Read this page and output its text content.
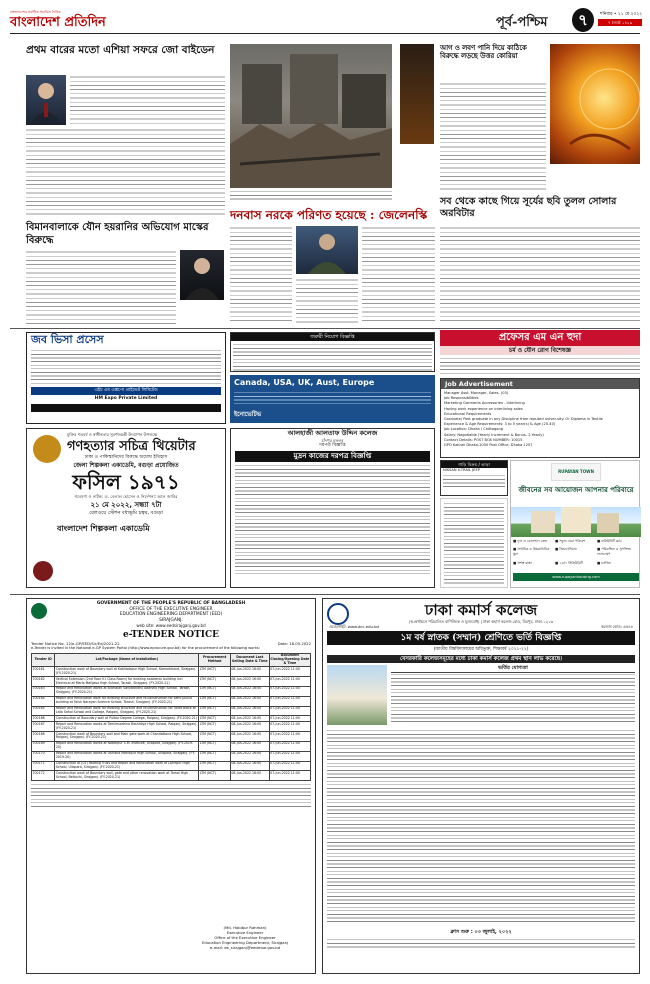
বাংলাদেশের সর্বাধিক প্রচারিত দৈনিক
বাংলাদেশ প্রতিদিন	পূর্ব-পশ্চিম	৭	শনিবার • ২১ মে ২০২২
৭ জ্যৈষ্ঠ ১৪২৯
প্রথম বারের মতো এশিয়া সফরে জো বাইডেন	আগ ও লবণ পানি দিয়ে কাঠিকে বিরুদ্ধে লড়ছে উত্তর কোরিয়া
সব থেকে কাছে গিয়ে সূর্যের ছবি তুলল সোলার অরবিটার
দনবাস নরকে পরিণত হয়েছে : জেলেনস্কি
বিমানবালাকে যৌন হয়রানির অভিযোগ মাস্কের বিরুদ্ধে
জব ভিসা প্রসেস
এইচ এম এক্সপো প্রাইভেট লিমিটেড
HM Expo Private Limited
জরুরী নিয়োগ বিজ্ঞপ্তি
Canada, USA, UK, Aust, Europe
ইনোভেটিভ
প্রফেসর এম এন হুদা
চর্ম ও যৌন রোগ বিশেষজ্ঞ
Job Advertisement
Manager Asst. Manager, Sales- (03)
Job Responsibilities
Marketing Garments Accessories - Interlining
Having work experience on interlining sales
Educational Requirements
Graduate/ Post graduate in any Discipline from reputed univer-sity. Or Diploma in Textile
Experience & Age Requirements: 3 to 5 year(s) & Age (25-40)
Job Location: Dhaka / Chittagong
Salary: Negotiable (Yearly Increment & Bonus- 2 Yearly)
Contact Details: POST BOX NUMBER: 10015
GPO Kakrail Dhaka-1000 Post Office, Dhaka 1207
মুক্তির শতবর্ষ ও স্বাধীনতার সুবর্ণজয়ন্তী উদযাপন উপলক্ষে
গণহত্যার সচিত্র থিয়েটার
ঢাকা ও পাকিস্তানিদের বিরুদ্ধে অমোঘ ইতিহাস
জেলা শিল্পকলা একাডেমি, বগুড়া প্রযোজিত
ফসিল ১৯৭১
গবেষণা ও নাটক: ড. বেলাল হোসেন ও নির্দেশনা: আল জাবির
২১ মে ২০২২, সন্ধ্যা ৭টা
রেলওয়ে স্টেশন বধ্যভূমি চত্বর, বগুড়া
বাংলাদেশ শিল্পকলা একাডেমি
আলহাজী আলতাফ উদ্দিন কলেজ
চাঁদপুর মতলব
দরপত্র বিজ্ঞপ্তি
মুদ্রন কাজের দরপত্র বিজ্ঞপ্তি
গাড়ি বিক্রয় / ভাড়া
NISSAN X-TRAIL JEEP	RUPAYAN TOWN
জীবনের সব আয়োজন আপনার পরিবারে
■ ফুল ও কোলাহল কেন্দ্র	■ সবুজ ঘেরা পরিবেশ	■ কমিউনিটি ক্লাব
■ প্রাথমিক ও উচ্চমাধ্যমিক স্কুল
■ জিমনেসিয়াম	■ পরিকল্পিত ও সুসজ্জিত ল্যান্ডস্কেপ
■ প্রশস্ত রাস্তা	■ ২৪/৭ সিকিউরিটি	■ মসজিদ
www.rupayanhousing.com
GOVERNMENT OF THE PEOPLE'S REPUBLIC OF BANGLADESH
OFFICE OF THE EXECUTIVE ENGINEER
EDUCATION ENGINEERING DEPARTMENT (EED)
SIRAJGANJ.
web site: www.eedsirajganj.gov.bd
e-TENDER NOTICE
Tender Notice No: 12/e-GP/EED/Sir/Ed/2021-22	Date: 18.05.2022
e-Tender is invited in the National e-GP System Portal (http://www.eprocure.gov.bd) for the procurement of the following works:
Tender ID	Lot/Package (Name of installation)	Procurement Method	Document Last Selling Date & Time	Document Closing/Opening Date & Time
700161	Construction work of Boundary wall at Kabiladapur High School, Kamarkhand, Sirajganj. (FY-2020-21)	LTM (NCT)	08-Jun-2022 16:00	07-Jun-2022 11:00
700162	Vertical Extension (2nd floor 01 Class Room) for existing academic building incl Electrical at Maria Mafgasa High School, Tarash, Sirajganj. (FY-2020-21)	LTM (NCT)	08-Jun-2022 16:00	07-Jun-2022 11:00
700163	Repair and Renovation works at Bilchalan Sanjibandhu Adarsha High School, Tarash, Sirajganj. (FY-2020-21)	LTM (NCT)	08-Jun-2022 16:00	07-Jun-2022 11:00
700164	Repair and Renovation work for existing structure and re-construction for semi pucca building at Taluk Narayan Science School, Tarash, Sirajganj. (FY-2020-21)	LTM (NCT)	08-Jun-2022 16:00	07-Jun-2022 11:00
700165	Repair and Renovation work for existing structure and re-construction for Toilet block at Lata Sahal School and College, Raiganj, Sirajganj. (FY-2020-21)	LTM (NCT)	08-Jun-2022 16:00	07-Jun-2022 11:00
700166	Construction of Boundary wall at Pulbor Degree College, Raiganj, Sirajganj. (FY-2020-21)	LTM (NCT)	08-Jun-2022 16:00	07-Jun-2022 11:00
700167	Repair and Renovation works at Tamimsadrina Rashidiya High School, Raiganj, Sirajganj. (FY-2020-21)	LTM (NCT)	08-Jun-2022 16:00	07-Jun-2022 11:00
700168	Construction work of Boundary wall and Main gate work at Chandaikona High School, Raiganj, Sirajganj. (FY-2020-21)	LTM (NCT)	08-Jun-2022 16:00	07-Jun-2022 11:00
700169	Repair and Renovation works at Nobarpur S.M. Institute, Ullapara, Sirajganj. (FY-2019-20)	LTM (NCT)	08-Jun-2022 16:00	07-Jun-2022 11:00
700170	Repair and Renovation works at Ushisna Manikpur High School, Ullapara, Sirajganj. (FY-2019-20)	LTM (NCT)	08-Jun-2022 16:00	07-Jun-2022 11:00
700171	Construction of (01) Roofing Truss and Repair and Renovation work at Lahirpur High School, Ullapara, Sirajganj. (FY-2020-21)	LTM (NCT)	08-Jun-2022 16:00	07-Jun-2022 11:00
700172	Construction work of Boundary wall, gate and other renovation work at Tamai High School, Belkuchi, Sirajganj. (FY-2020-21)	LTM (NCT)	08-Jun-2022 16:00	07-Jun-2022 11:00
(Md. Habibur Rahman)
Executive Engineer
Office of the Executive Engineer
Education Engineering Department, Sirajganj
e-mail: ee_sirajganj@eedmoe.gov.bd
ঢাকা কমার্স কলেজ
(স্ব-অর্থায়নে পরিচালিত বাণিজ্যিক ও মূল্যবোধ) | ঢাকা কমার্স কলেজ রোড, মিরপুর, ঢাকা-১২১৬
ওয়েবসাইট: www.dcc.edu.bd	কলেজ কোড: ৬৫৪৪
১ম বর্ষ স্নাতক (সম্মান) শ্রেণিতে ভর্তি বিজ্ঞপ্তি
(জাতীয় বিশ্ববিদ্যালয়ের অধিভুক্ত, শিক্ষাবর্ষ ২০২১-২২)
বেসরকারি কলেজসমূহের মধ্যে ঢাকা কমার্স কলেজ প্রথম স্থান লাভ করেছে।
ভর্তির যোগ্যতা
ক্লাস শুরু : ০৩ জুলাই, ২০২২
